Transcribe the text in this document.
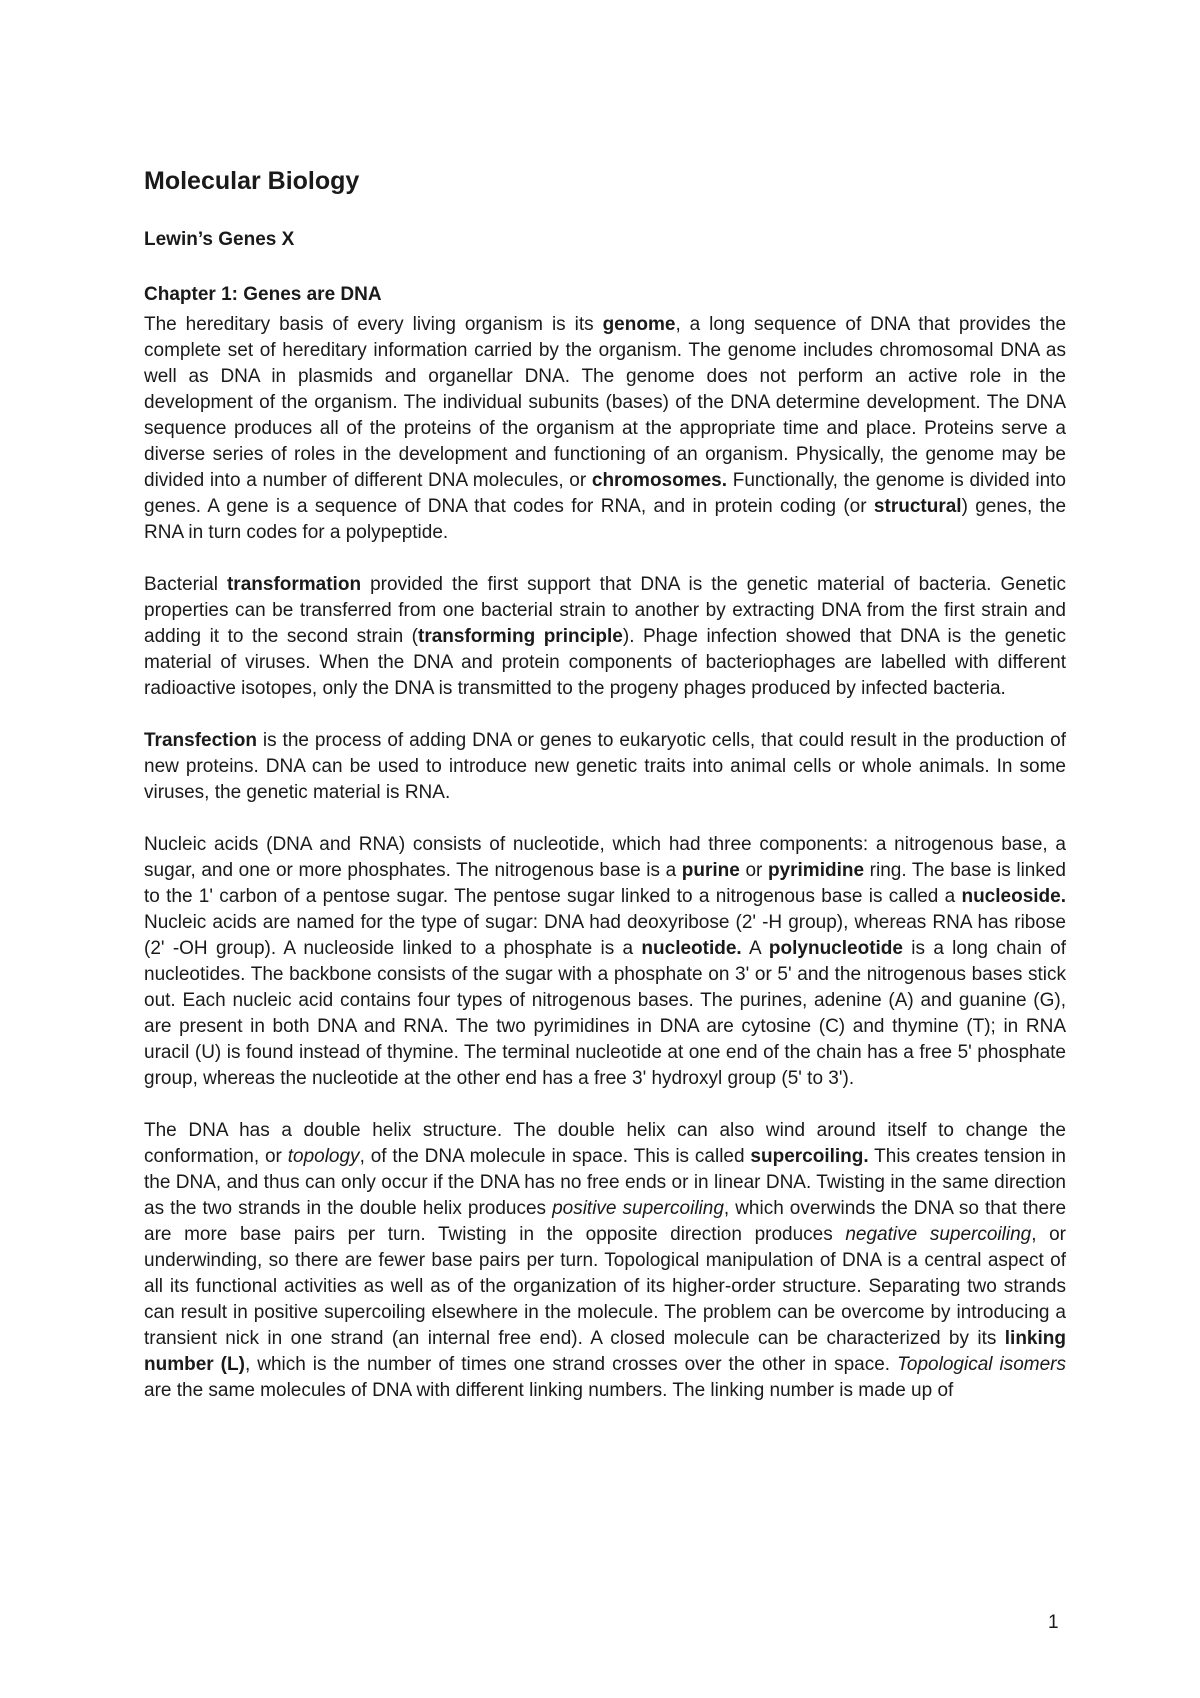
Molecular Biology
Lewin’s Genes X
Chapter 1: Genes are DNA

The hereditary basis of every living organism is its genome, a long sequence of DNA that provides the complete set of hereditary information carried by the organism. The genome includes chromosomal DNA as well as DNA in plasmids and organellar DNA. The genome does not perform an active role in the development of the organism. The individual subunits (bases) of the DNA determine development. The DNA sequence produces all of the proteins of the organism at the appropriate time and place. Proteins serve a diverse series of roles in the development and functioning of an organism. Physically, the genome may be divided into a number of different DNA molecules, or chromosomes. Functionally, the genome is divided into genes. A gene is a sequence of DNA that codes for RNA, and in protein coding (or structural) genes, the RNA in turn codes for a polypeptide.

Bacterial transformation provided the first support that DNA is the genetic material of bacteria. Genetic properties can be transferred from one bacterial strain to another by extracting DNA from the first strain and adding it to the second strain (transforming principle). Phage infection showed that DNA is the genetic material of viruses. When the DNA and protein components of bacteriophages are labelled with different radioactive isotopes, only the DNA is transmitted to the progeny phages produced by infected bacteria.

Transfection is the process of adding DNA or genes to eukaryotic cells, that could result in the production of new proteins. DNA can be used to introduce new genetic traits into animal cells or whole animals. In some viruses, the genetic material is RNA.

Nucleic acids (DNA and RNA) consists of nucleotide, which had three components: a nitrogenous base, a sugar, and one or more phosphates. The nitrogenous base is a purine or pyrimidine ring. The base is linked to the 1' carbon of a pentose sugar. The pentose sugar linked to a nitrogenous base is called a nucleoside. Nucleic acids are named for the type of sugar: DNA had deoxyribose (2' -H group), whereas RNA has ribose (2' -OH group). A nucleoside linked to a phosphate is a nucleotide. A polynucleotide is a long chain of nucleotides. The backbone consists of the sugar with a phosphate on 3' or 5' and the nitrogenous bases stick out. Each nucleic acid contains four types of nitrogenous bases. The purines, adenine (A) and guanine (G), are present in both DNA and RNA. The two pyrimidines in DNA are cytosine (C) and thymine (T); in RNA uracil (U) is found instead of thymine. The terminal nucleotide at one end of the chain has a free 5' phosphate group, whereas the nucleotide at the other end has a free 3' hydroxyl group (5' to 3').

The DNA has a double helix structure. The double helix can also wind around itself to change the conformation, or topology, of the DNA molecule in space. This is called supercoiling. This creates tension in the DNA, and thus can only occur if the DNA has no free ends or in linear DNA. Twisting in the same direction as the two strands in the double helix produces positive supercoiling, which overwinds the DNA so that there are more base pairs per turn. Twisting in the opposite direction produces negative supercoiling, or underwinding, so there are fewer base pairs per turn. Topological manipulation of DNA is a central aspect of all its functional activities as well as of the organization of its higher-order structure. Separating two strands can result in positive supercoiling elsewhere in the molecule. The problem can be overcome by introducing a transient nick in one strand (an internal free end). A closed molecule can be characterized by its linking number (L), which is the number of times one strand crosses over the other in space. Topological isomers are the same molecules of DNA with different linking numbers. The linking number is made up of

1
